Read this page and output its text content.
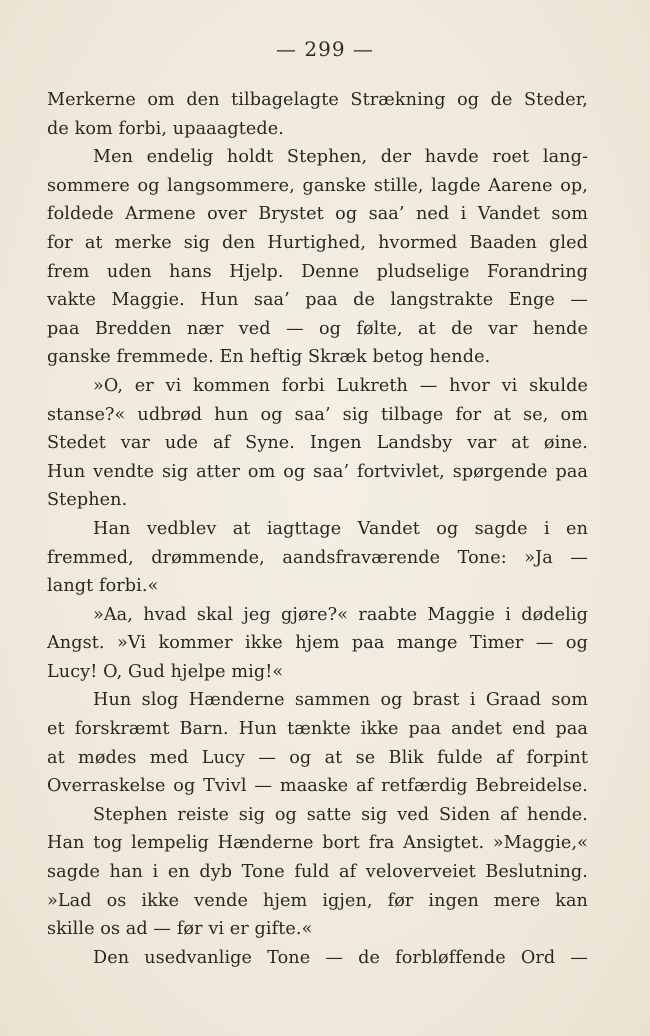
— 299 —
Merkerne om den tilbagelagte Strækning og de Steder,
de kom forbi, upaaagtede.
Men endelig holdt Stephen, der havde roet lang-
sommere og langsommere, ganske stille, lagde Aarene op,
foldede Armene over Brystet og saa’ ned i Vandet som
for at merke sig den Hurtighed, hvormed Baaden gled
frem uden hans Hjelp. Denne pludselige Forandring
vakte Maggie. Hun saa’ paa de langstrakte Enge —
paa Bredden nær ved — og følte, at de var hende
ganske fremmede. En heftig Skræk betog hende.
»O, er vi kommen forbi Lukreth — hvor vi skulde
stanse?« udbrød hun og saa’ sig tilbage for at se, om
Stedet var ude af Syne. Ingen Landsby var at øine.
Hun vendte sig atter om og saa’ fortvivlet, spørgende paa
Stephen.
Han vedblev at iagttage Vandet og sagde i en
fremmed, drømmende, aandsfraværende Tone: »Ja —
langt forbi.«
»Aa, hvad skal jeg gjøre?« raabte Maggie i dødelig
Angst. »Vi kommer ikke hjem paa mange Timer — og
Lucy! O, Gud hjelpe mig!«
Hun slog Hænderne sammen og brast i Graad som
et forskræmt Barn. Hun tænkte ikke paa andet end paa
at mødes med Lucy — og at se Blik fulde af forpint
Overraskelse og Tvivl — maaske af retfærdig Bebreidelse.
Stephen reiste sig og satte sig ved Siden af hende.
Han tog lempelig Hænderne bort fra Ansigtet. »Maggie,«
sagde han i en dyb Tone fuld af veloverveiet Beslutning.
»Lad os ikke vende hjem igjen, før ingen mere kan
skille os ad — før vi er gifte.«
Den usedvanlige Tone — de forbløffende Ord —
